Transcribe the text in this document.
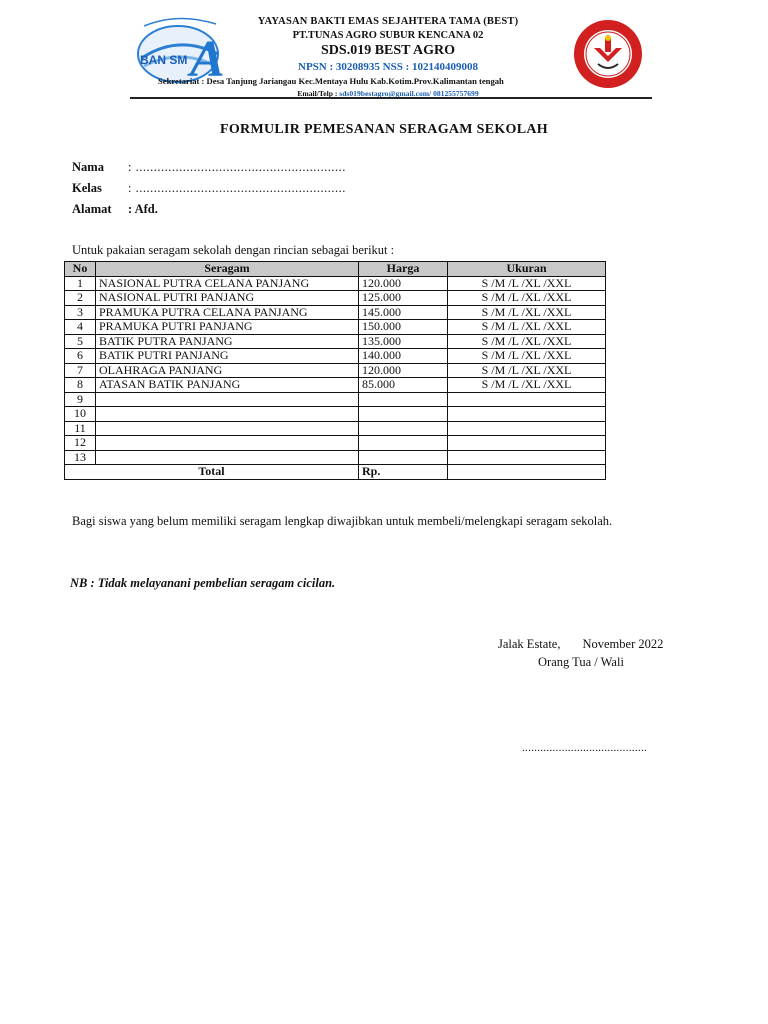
BAN SM A
YAYASAN BAKTI EMAS SEJAHTERA TAMA (BEST)
PT.TUNAS AGRO SUBUR KENCANA 02
SDS.019 BEST AGRO
NPSN : 30208935 NSS : 102140409008
Sekretariat : Desa Tanjung Jariangau Kec.Mentaya Hulu Kab.Kotim.Prov.Kalimantan tengah
Email/Telp : sds019bestagro@gmail.com/ 081255757699
FORMULIR PEMESANAN SERAGAM SEKOLAH
Nama : ..........................................................
Kelas : ..........................................................
Alamat : Afd.
Untuk pakaian seragam sekolah dengan rincian sebagai berikut :
No	Seragam	Harga	Ukuran
1	NASIONAL PUTRA CELANA PANJANG	120.000	S /M /L /XL /XXL
2	NASIONAL PUTRI PANJANG	125.000	S /M /L /XL /XXL
3	PRAMUKA PUTRA CELANA PANJANG	145.000	S /M /L /XL /XXL
4	PRAMUKA PUTRI PANJANG	150.000	S /M /L /XL /XXL
5	BATIK PUTRA PANJANG	135.000	S /M /L /XL /XXL
6	BATIK PUTRI PANJANG	140.000	S /M /L /XL /XXL
7	OLAHRAGA PANJANG	120.000	S /M /L /XL /XXL
8	ATASAN BATIK PANJANG	85.000	S /M /L /XL /XXL
9			
10			
11			
12			
13			
Total		Rp.	
Bagi siswa yang belum memiliki seragam lengkap diwajibkan untuk membeli/melengkapi seragam sekolah.
NB : Tidak melayanani pembelian seragam cicilan.
Jalak Estate, November 2022
Orang Tua / Wali
.........................................
